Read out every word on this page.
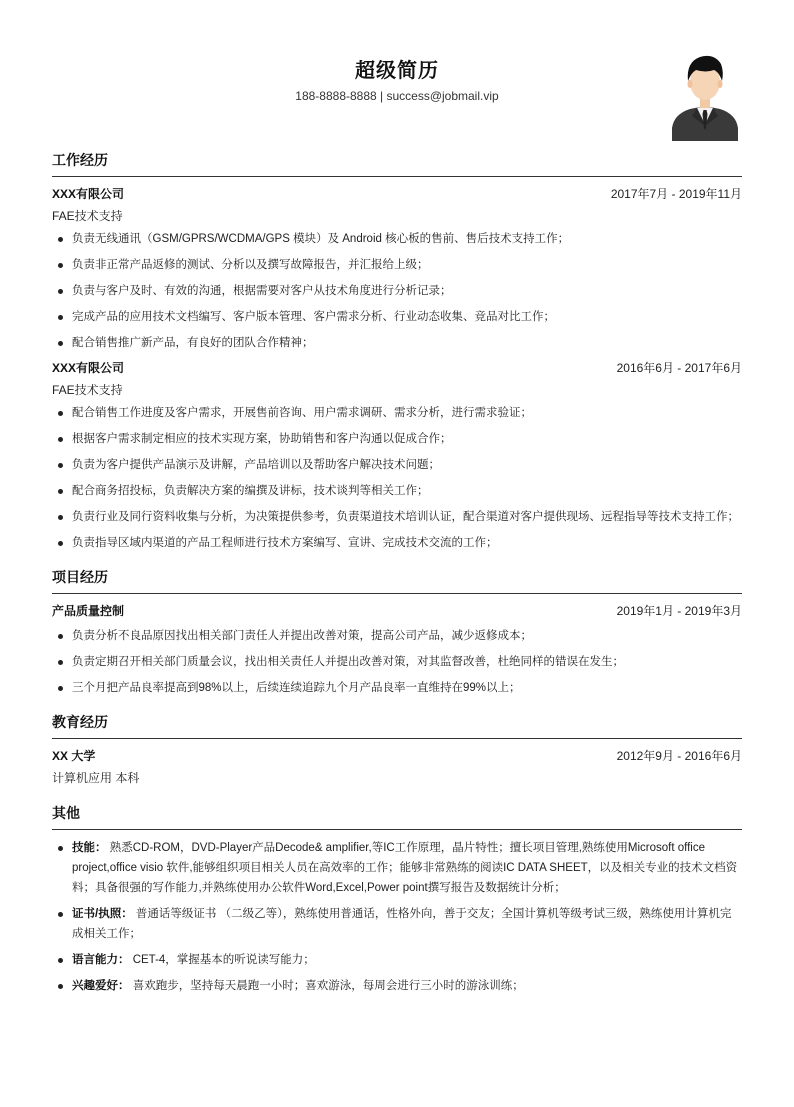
超级简历
188-8888-8888 | success@jobmail.vip
工作经历
XXX有限公司	2017年7月 - 2019年11月
FAE技术支持
负责无线通讯（GSM/GPRS/WCDMA/GPS 模块）及 Android 核心板的售前、售后技术支持工作；
负责非正常产品返修的测试、分析以及撰写故障报告，并汇报给上级；
负责与客户及时、有效的沟通，根据需要对客户从技术角度进行分析记录；
完成产品的应用技术文档编写、客户版本管理、客户需求分析、行业动态收集、竞品对比工作；
配合销售推广新产品，有良好的团队合作精神；
XXX有限公司	2016年6月 - 2017年6月
FAE技术支持
配合销售工作进度及客户需求，开展售前咨询、用户需求调研、需求分析，进行需求验证；
根据客户需求制定相应的技术实现方案，协助销售和客户沟通以促成合作；
负责为客户提供产品演示及讲解，产品培训以及帮助客户解决技术问题；
配合商务招投标，负责解决方案的编撰及讲标，技术谈判等相关工作；
负责行业及同行资料收集与分析，为决策提供参考，负责渠道技术培训认证，配合渠道对客户提供现场、远程指导等技术支持工作；
负责指导区域内渠道的产品工程师进行技术方案编写、宣讲、完成技术交流的工作；
项目经历
产品质量控制	2019年1月 - 2019年3月
负责分析不良品原因找出相关部门责任人并提出改善对策，提高公司产品，减少返修成本；
负责定期召开相关部门质量会议，找出相关责任人并提出改善对策，对其监督改善，杜绝同样的错误在发生；
三个月把产品良率提高到98%以上，后续连续追踪九个月产品良率一直维持在99%以上；
教育经历
XX 大学	2012年9月 - 2016年6月
计算机应用 本科
其他
技能： 熟悉CD-ROM，DVD-Player产品Decode& amplifier,等IC工作原理，晶片特性；擅长项目管理,熟练使用Microsoft office project,office visio 软件,能够组织项目相关人员在高效率的工作；能够非常熟练的阅读IC DATA SHEET，以及相关专业的技术文档资料；具备很强的写作能力,并熟练使用办公软件Word,Excel,Power point撰写报告及数据统计分析；
证书/执照： 普通话等级证书 （二级乙等），熟练使用普通话，性格外向，善于交友；全国计算机等级考试三级，熟练使用计算机完成相关工作；
语言能力： CET-4，掌握基本的听说读写能力；
兴趣爱好： 喜欢跑步，坚持每天晨跑一小时；喜欢游泳，每周会进行三小时的游泳训练；
